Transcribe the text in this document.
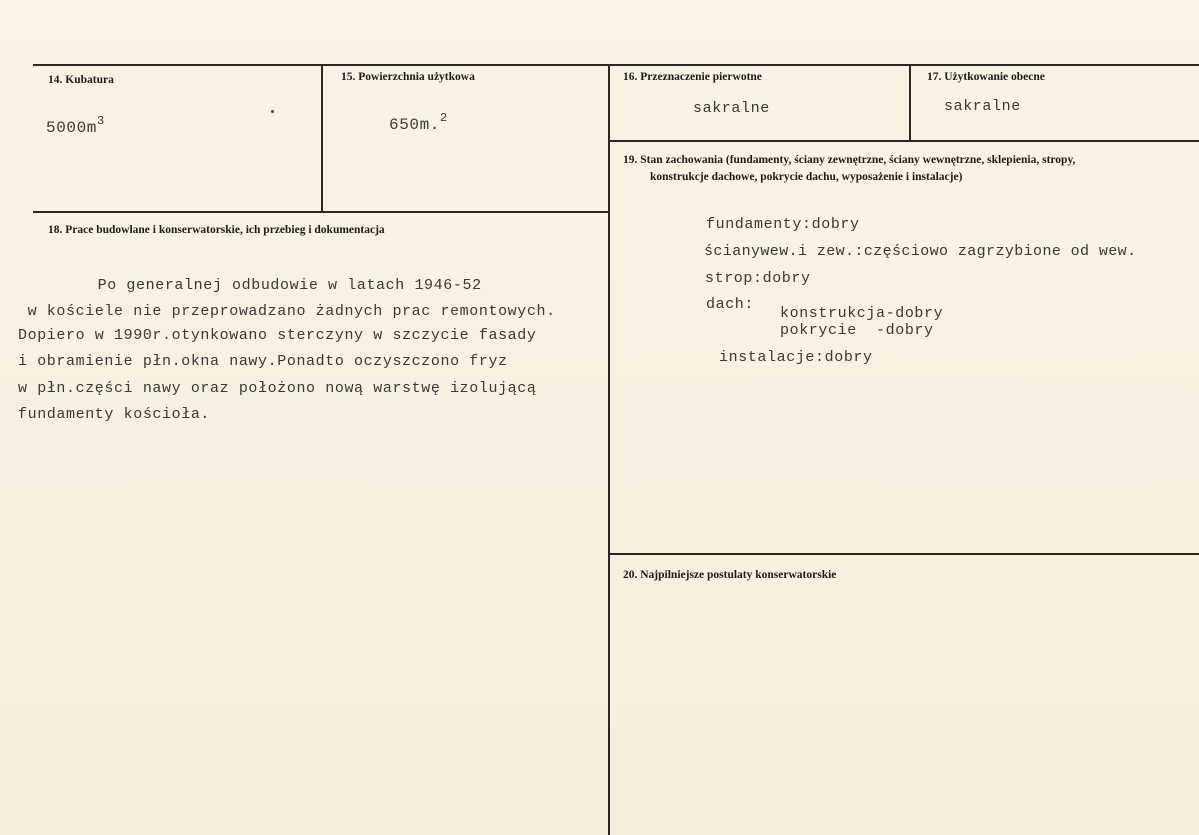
14. Kubatura
$5000m^3$
15. Powierzchnia użytkowa
650m.$^2$
16. Przeznaczenie pierwotne
sakralne
17. Użytkowanie obecne
sakralne
18. Prace budowlane i konserwatorskie, ich przebieg i dokumentacja
Po generalnej odbudowie w latach 1946-52
w kościele nie przeprowadzano żadnych prac remontowych.
Dopiero w 1990r.otynkowano sterczyny w szczycie fasady
i obramienie płn.okna nawy.Ponadto oczyszczono fryz
w płn.części nawy oraz położono nową warstwę izolującą
fundamenty kościoła.
19. Stan zachowania (fundamenty, ściany zewnętrzne, ściany wewnętrzne, sklepienia, stropy,
konstrukcje dachowe, pokrycie dachu, wyposażenie i instalacje)
fundamenty:dobry
ścianywew.i zew.:częściowo zagrzybione od wew.
strop:dobry
dach:
konstrukcja-dobry
pokrycie  -dobry
instalacje:dobry
20. Najpilniejsze postulaty konserwatorskie
